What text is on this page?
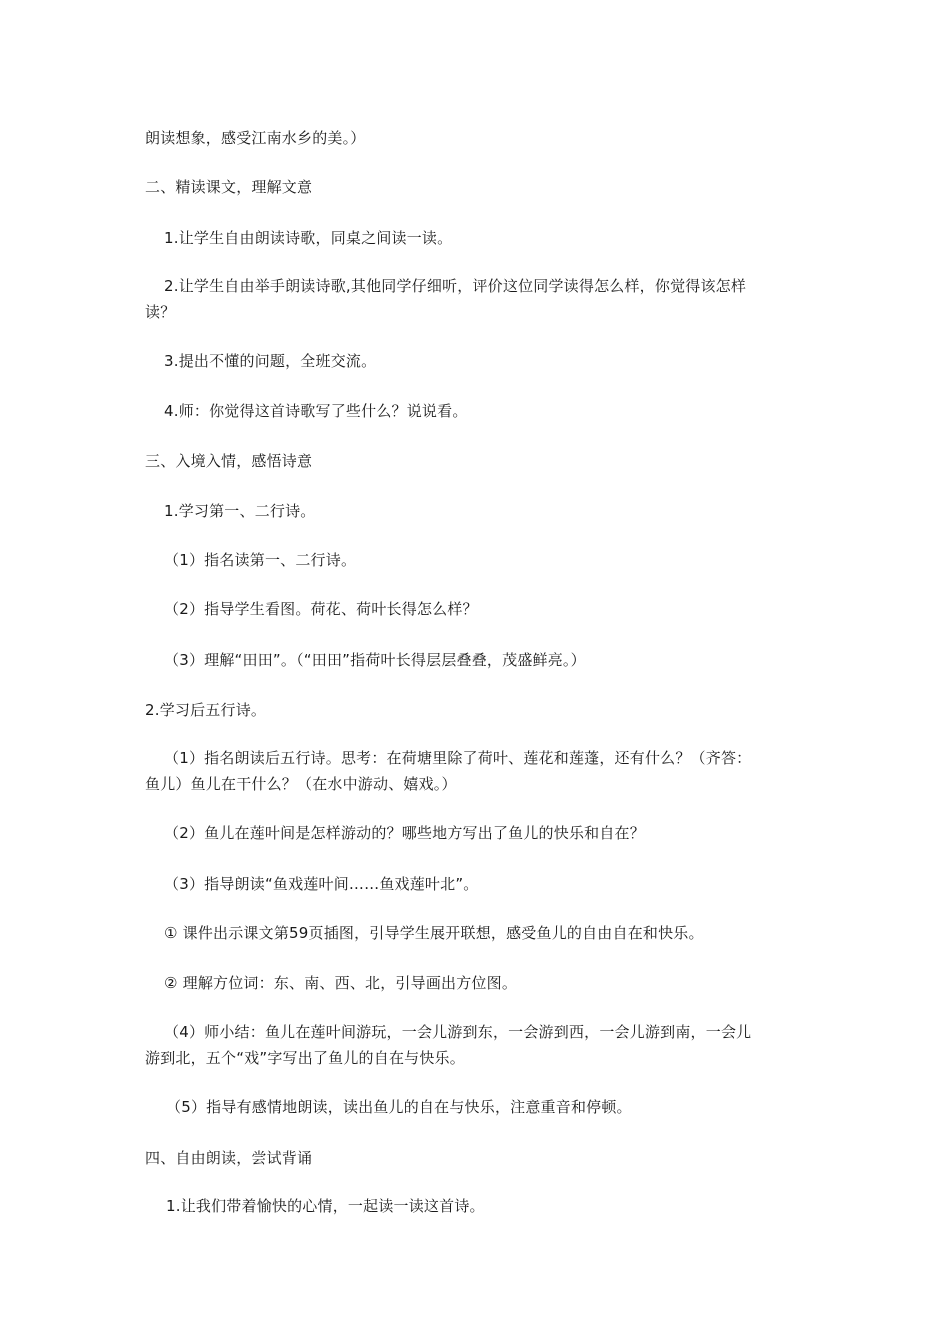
朗读想象，感受江南水乡的美。）
二、精读课文，理解文意
1.让学生自由朗读诗歌，同桌之间读一读。
2.让学生自由举手朗读诗歌,其他同学仔细听，评价这位同学读得怎么样，你觉得该怎样
读？
3.提出不懂的问题，全班交流。
4.师：你觉得这首诗歌写了些什么？说说看。
三、入境入情，感悟诗意
1.学习第一、二行诗。
（1）指名读第一、二行诗。
（2）指导学生看图。荷花、荷叶长得怎么样？
（3）理解“田田”。（“田田”指荷叶长得层层叠叠，茂盛鲜亮。）
2.学习后五行诗。
（1）指名朗读后五行诗。思考：在荷塘里除了荷叶、莲花和莲蓬，还有什么？（齐答：
鱼儿）鱼儿在干什么？（在水中游动、嬉戏。）
（2）鱼儿在莲叶间是怎样游动的？哪些地方写出了鱼儿的快乐和自在？
（3）指导朗读“鱼戏莲叶间……鱼戏莲叶北”。
① 课件出示课文第59页插图，引导学生展开联想，感受鱼儿的自由自在和快乐。
② 理解方位词：东、南、西、北，引导画出方位图。
（4）师小结：鱼儿在莲叶间游玩，一会儿游到东，一会游到西，一会儿游到南，一会儿
游到北，五个“戏”字写出了鱼儿的自在与快乐。
（5）指导有感情地朗读，读出鱼儿的自在与快乐，注意重音和停顿。
四、自由朗读，尝试背诵
1.让我们带着愉快的心情，一起读一读这首诗。
